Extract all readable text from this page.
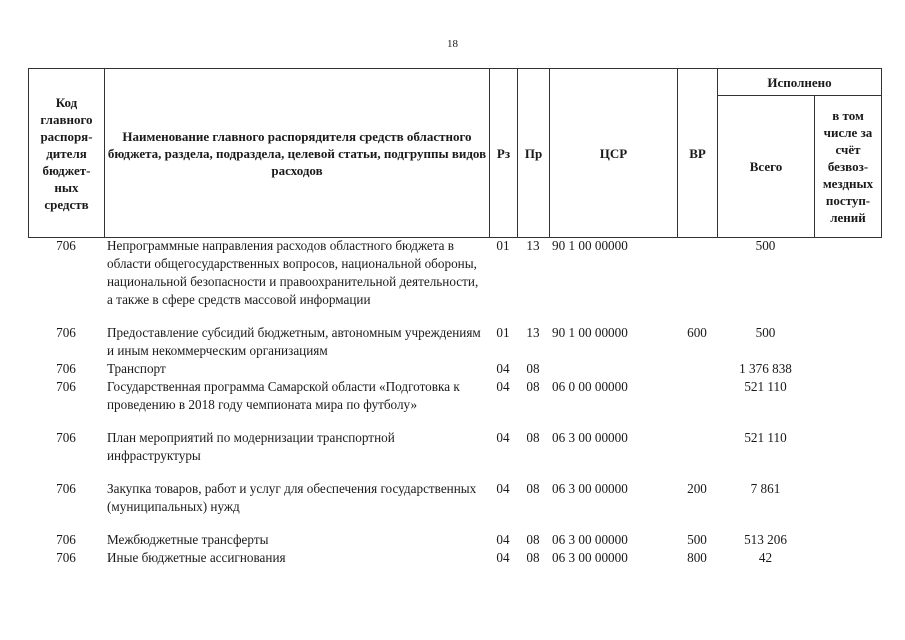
18
Код главного распоря-дителя бюджет-ных средств	Наименование главного распорядителя средств областного бюджета, раздела, подраздела, целевой статьи, подгруппы видов расходов	Рз	Пр	ЦСР	ВР	Исполнено	
						Всего	в том числе за счёт безвоз-мездных поступ-лений
706	Непрограммные направления расходов областного бюджета в области общегосударственных вопросов, национальной обороны, национальной безопасности и правоохранительной деятельности, а также в сфере средств массовой информации	01	13	90 1 00 00000		500	
706	Предоставление субсидий бюджетным, автономным учреждениям и иным некоммерческим организациям	01	13	90 1 00 00000	600	500	
706	Транспорт	04	08			1 376 838	
706	Государственная программа Самарской области «Подготовка к проведению в 2018 году чемпионата мира по футболу»	04	08	06 0 00 00000		521 110	
706	План мероприятий по модернизации транспортной инфраструктуры	04	08	06 3 00 00000		521 110	
706	Закупка товаров, работ и услуг для обеспечения государственных (муниципальных) нужд	04	08	06 3 00 00000	200	7 861	
706	Межбюджетные трансферты	04	08	06 3 00 00000	500	513 206	
706	Иные бюджетные ассигнования	04	08	06 3 00 00000	800	42	
